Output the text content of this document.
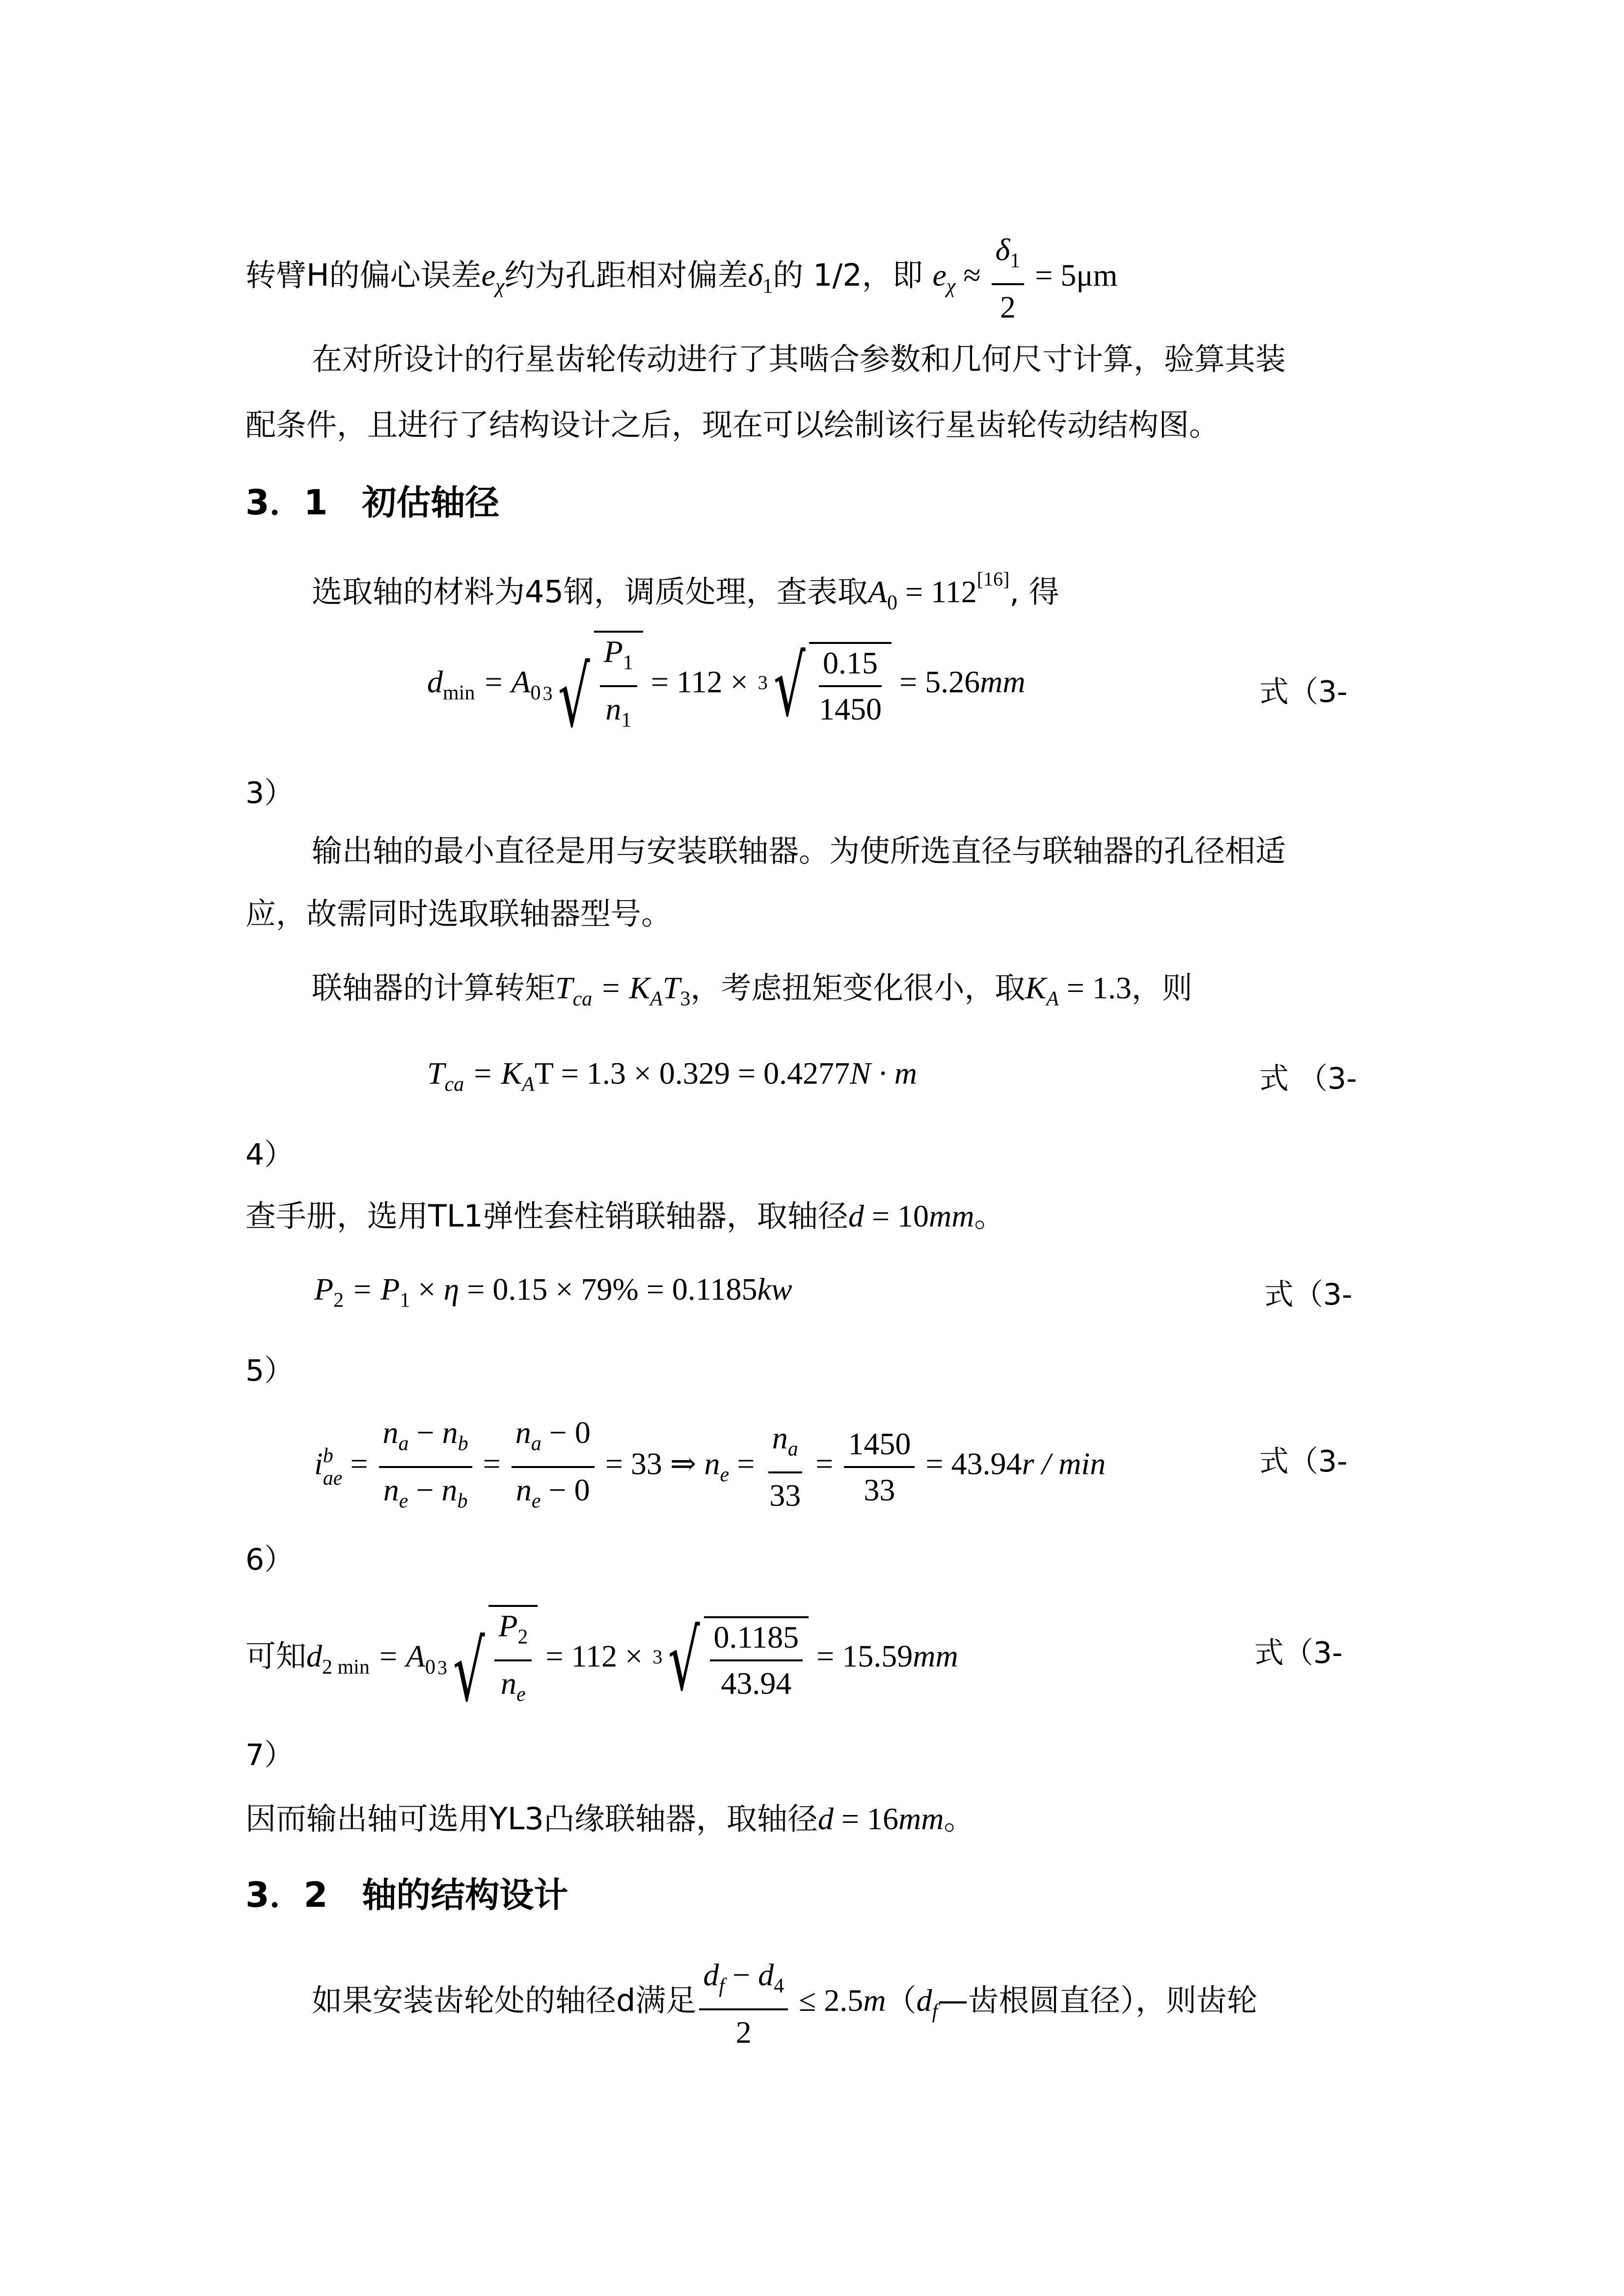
转臂H的偏心误差$e_\chi$约为孔距相对偏差$\delta_1$的 1/2，即 $e_\chi \approx \frac{\delta_1}{2} = 5\mu m$
在对所设计的行星齿轮传动进行了其啮合参数和几何尺寸计算，验算其装
配条件，且进行了结构设计之后，现在可以绘制该行星齿轮传动结构图。
3．1　初估轴径
选取轴的材料为45钢，调质处理，查表取$A_0 = 112[16]$, 得
$d_{min} = A_0$ 3 √ $\frac{P_1}{n_1} = 112 \times 3$ √ $\frac{0.15}{1450} = 5.26mm$	式（3-
3）
输出轴的最小直径是用与安装联轴器。为使所选直径与联轴器的孔径相适
应，故需同时选取联轴器型号。
联轴器的计算转矩$T_{ca} = K_AT_3$，考虑扭矩变化很小，取$K_A = 1.3$，则
$T_{ca} = K_AT = 1.3 \times 0.329 = 0.4277N \cdot m$	式 （3-
4）
查手册，选用TL1弹性套柱销联轴器，取轴径d = 10mm。
$P_2 = P_1 \times \eta = 0.15 \times 79\% = 0.1185kw$	式（3-
5）
i b
ae = $\frac{n_a - n_b}{n_e - n_b} = \frac{n_a - 0}{n_e - 0} = 33$ ⇒ $n_e = \frac{n_a}{33} = \frac{1450}{33} = 43.94r / \min$	式（3-
6）
可知$d_{2 min} = A_0$ 3 √ $\frac{P_2}{n_e} = 112 \times 3$ √ $\frac{0.1185}{43.94} = 15.59mm$	式（3-
7）
因而输出轴可选用YL3凸缘联轴器，取轴径d = 16mm。
3．2　轴的结构设计
如果安装齿轮处的轴径d满足 $\frac{d_f - d_4}{2}$ ≤ $2.5m(d_f—$齿根圆直径），则齿轮
